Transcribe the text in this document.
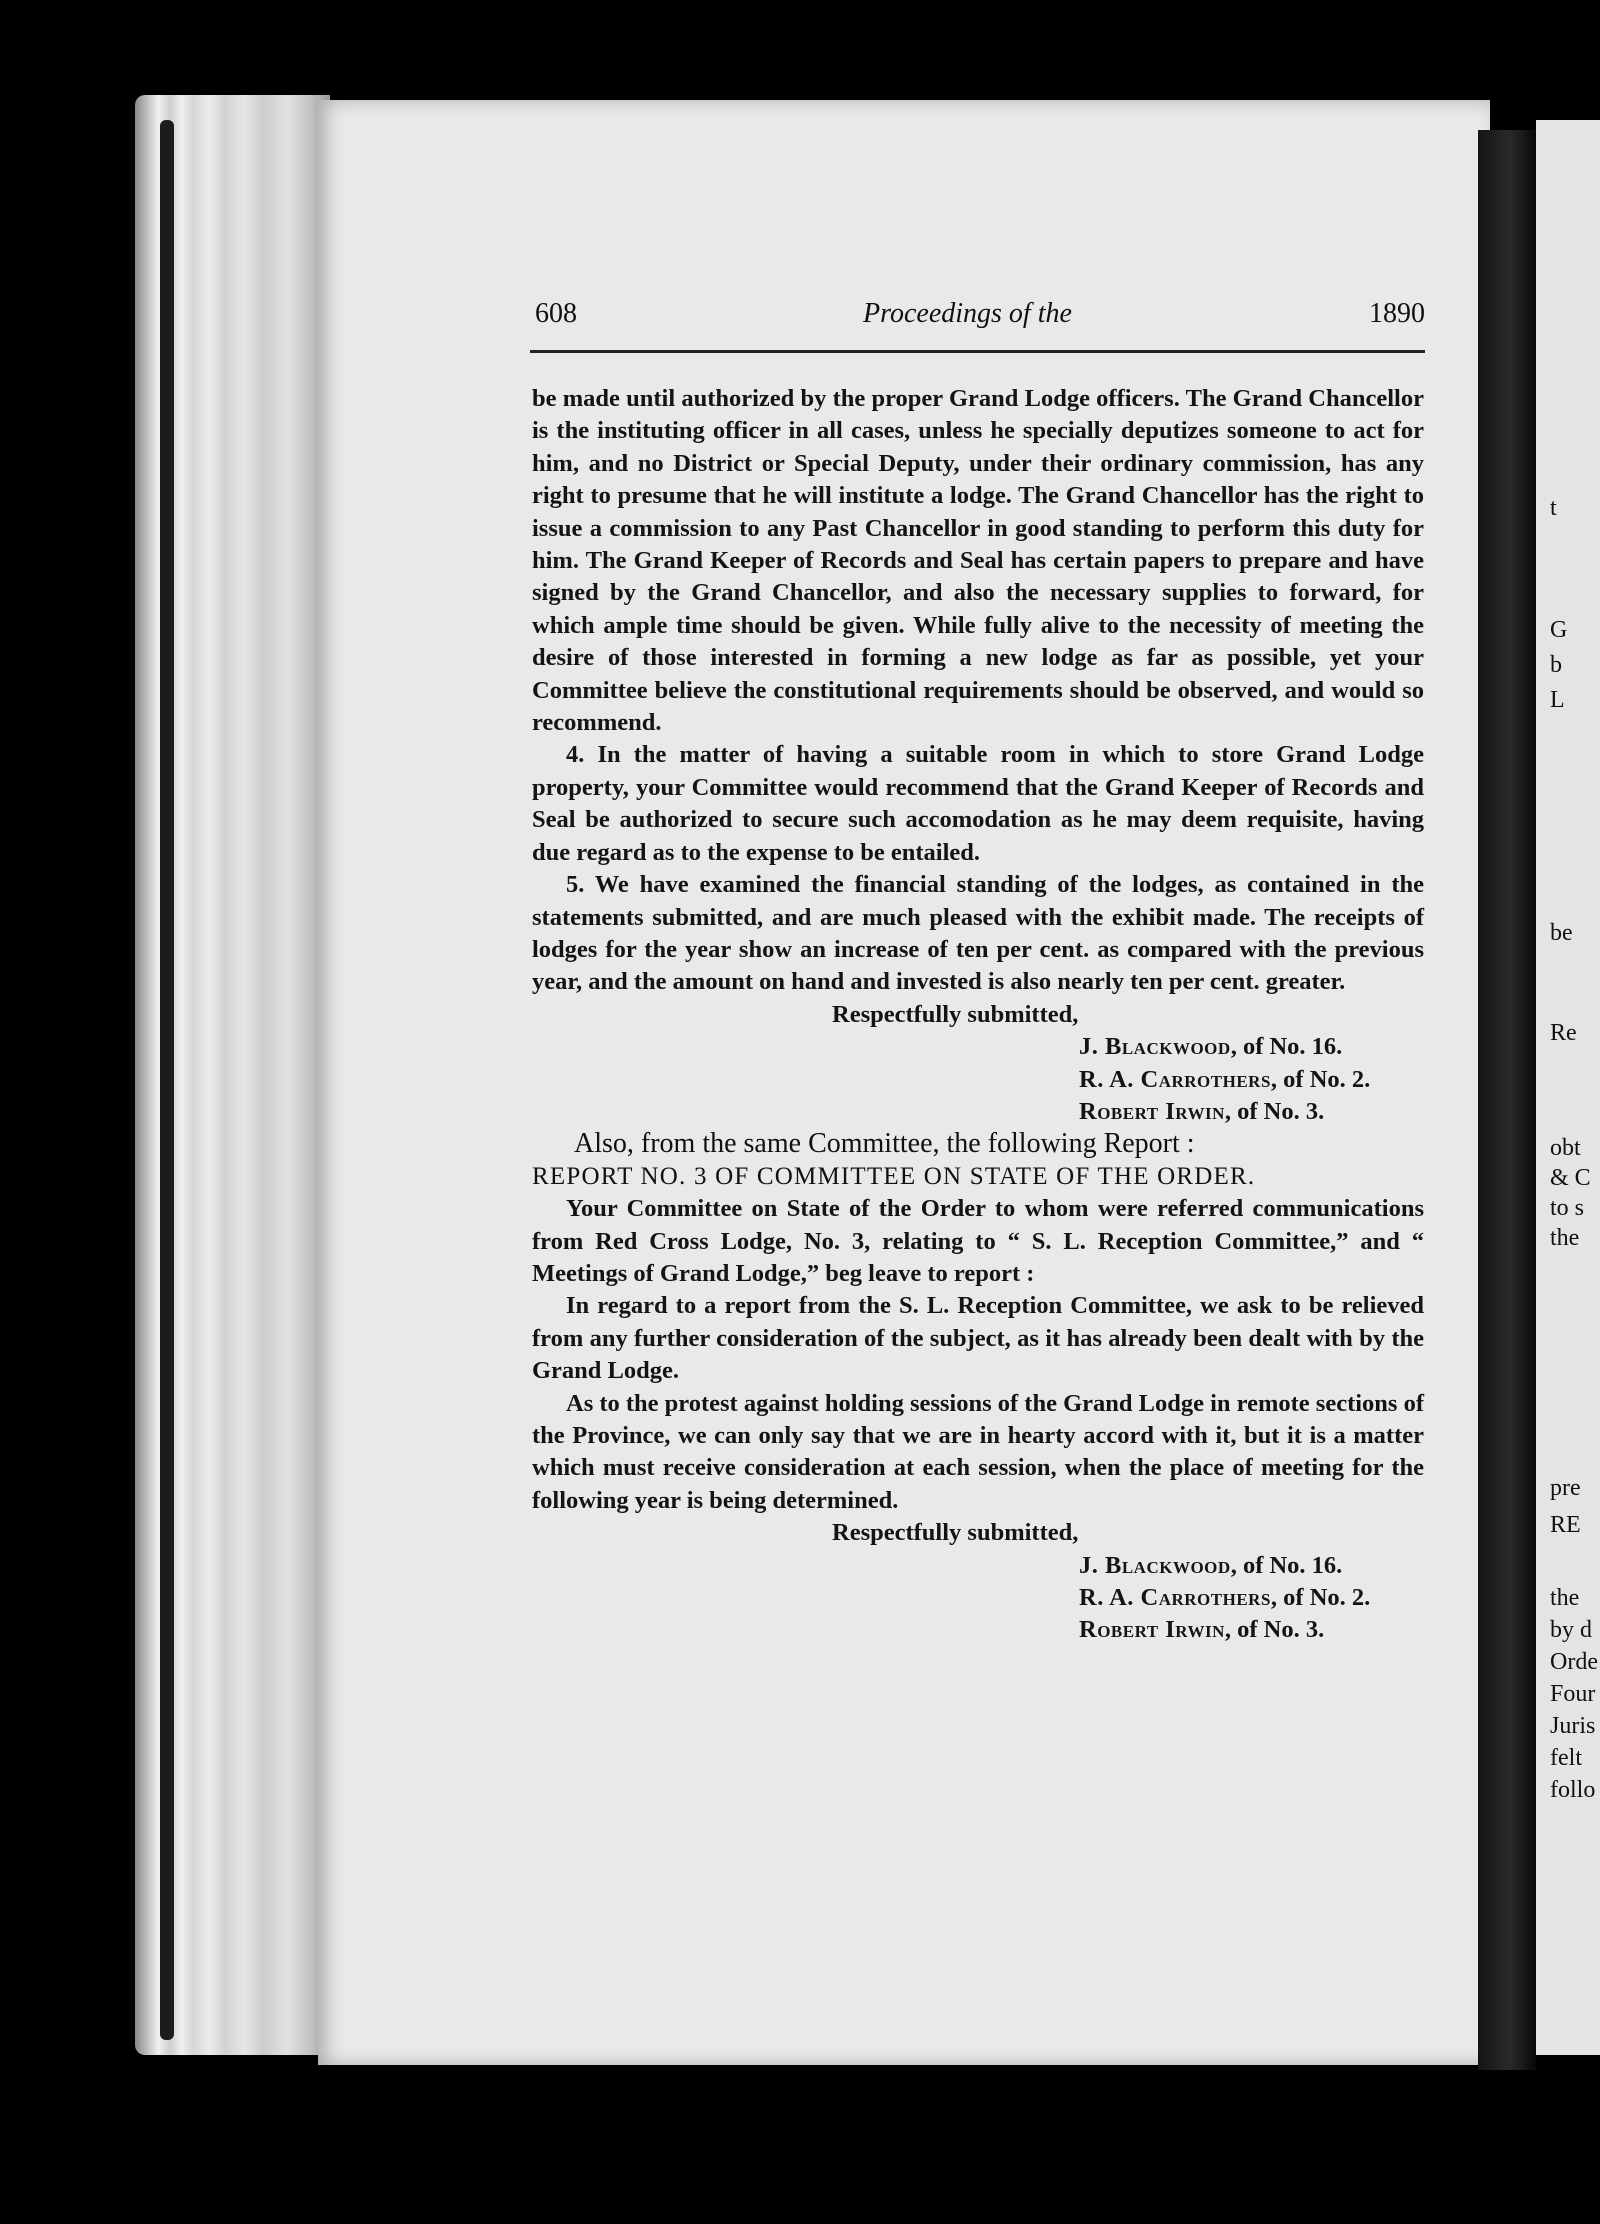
t
G
b
L
be
Re
obt
& C
to s
the
pre
RE
the
by d
Orde
Four
Juris
felt
follo
608	Proceedings of the	1890

be made until authorized by the proper Grand Lodge officers. The Grand Chancellor is the instituting officer in all cases, unless he specially deputizes someone to act for him, and no District or Special Deputy, under their ordinary commission, has any right to presume that he will institute a lodge. The Grand Chancellor has the right to issue a commission to any Past Chancellor in good standing to perform this duty for him. The Grand Keeper of Records and Seal has certain papers to prepare and have signed by the Grand Chancellor, and also the necessary supplies to forward, for which ample time should be given. While fully alive to the necessity of meeting the desire of those interested in forming a new lodge as far as possible, yet your Committee believe the constitutional requirements should be observed, and would so recommend.

4. In the matter of having a suitable room in which to store Grand Lodge property, your Committee would recommend that the Grand Keeper of Records and Seal be authorized to secure such accomodation as he may deem requisite, having due regard as to the expense to be entailed.

5. We have examined the financial standing of the lodges, as contained in the statements submitted, and are much pleased with the exhibit made. The receipts of lodges for the year show an increase of ten per cent. as compared with the previous year, and the amount on hand and invested is also nearly ten per cent. greater.

Respectfully submitted,

J. Blackwood, of No. 16.

R. A. Carrothers, of No. 2.

Robert Irwin, of No. 3.

Also, from the same Committee, the following Report :

REPORT NO. 3 OF COMMITTEE ON STATE OF THE ORDER.

Your Committee on State of the Order to whom were referred communications from Red Cross Lodge, No. 3, relating to “ S. L. Reception Committee,” and “ Meetings of Grand Lodge,” beg leave to report :

In regard to a report from the S. L. Reception Committee, we ask to be relieved from any further consideration of the subject, as it has already been dealt with by the Grand Lodge.

As to the protest against holding sessions of the Grand Lodge in remote sections of the Province, we can only say that we are in hearty accord with it, but it is a matter which must receive consideration at each session, when the place of meeting for the following year is being determined.

Respectfully submitted,

J. Blackwood, of No. 16.

R. A. Carrothers, of No. 2.

Robert Irwin, of No. 3.
